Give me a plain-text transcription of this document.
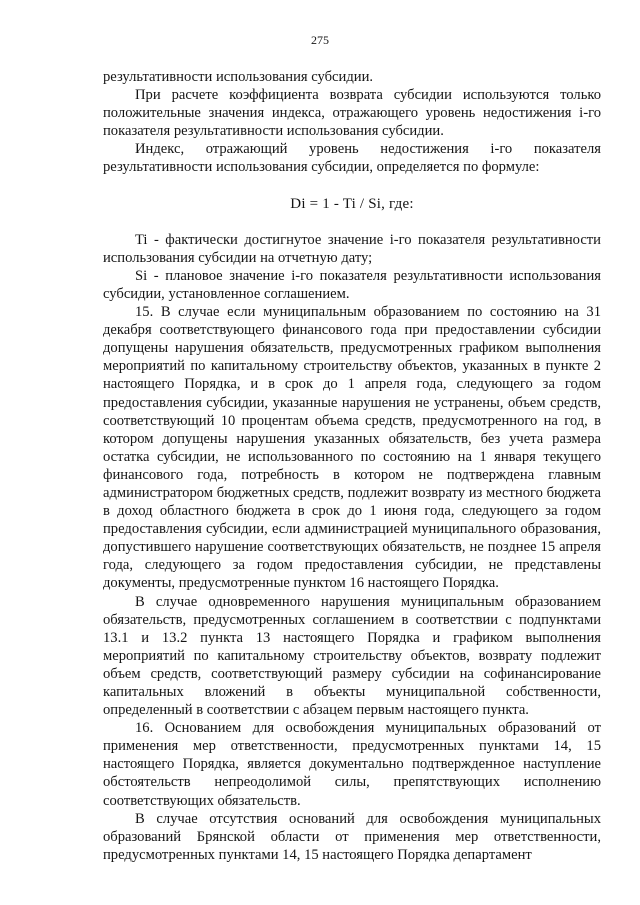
275

результативности использования субсидии.

При расчете коэффициента возврата субсидии используются только положительные значения индекса, отражающего уровень недостижения i-го показателя результативности использования субсидии.

Индекс, отражающий уровень недостижения i-го показателя результативности использования субсидии, определяется по формуле:

Di = 1 - Ti / Si, где:

Ti - фактически достигнутое значение i-го показателя результативности использования субсидии на отчетную дату;

Si - плановое значение i-го показателя результативности использования субсидии, установленное соглашением.

15. В случае если муниципальным образованием по состоянию на 31 декабря соответствующего финансового года при предоставлении субсидии допущены нарушения обязательств, предусмотренных графиком выполнения мероприятий по капитальному строительству объектов, указанных в пункте 2 настоящего Порядка, и в срок до 1 апреля года, следующего за годом предоставления субсидии, указанные нарушения не устранены, объем средств, соответствующий 10 процентам объема средств, предусмотренного на год, в котором допущены нарушения указанных обязательств, без учета размера остатка субсидии, не использованного по состоянию на 1 января текущего финансового года, потребность в котором не подтверждена главным администратором бюджетных средств, подлежит возврату из местного бюджета в доход областного бюджета в срок до 1 июня года, следующего за годом предоставления субсидии, если администрацией муниципального образования, допустившего нарушение соответствующих обязательств, не позднее 15 апреля года, следующего за годом предоставления субсидии, не представлены документы, предусмотренные пунктом 16 настоящего Порядка.

В случае одновременного нарушения муниципальным образованием обязательств, предусмотренных соглашением в соответствии с подпунктами 13.1 и 13.2 пункта 13 настоящего Порядка и графиком выполнения мероприятий по капитальному строительству объектов, возврату подлежит объем средств, соответствующий размеру субсидии на софинансирование капитальных вложений в объекты муниципальной собственности, определенный в соответствии с абзацем первым настоящего пункта.

16. Основанием для освобождения муниципальных образований от применения мер ответственности, предусмотренных пунктами 14, 15 настоящего Порядка, является документально подтвержденное наступление обстоятельств непреодолимой силы, препятствующих исполнению соответствующих обязательств.

В случае отсутствия оснований для освобождения муниципальных образований Брянской области от применения мер ответственности, предусмотренных пунктами 14, 15 настоящего Порядка департамент
